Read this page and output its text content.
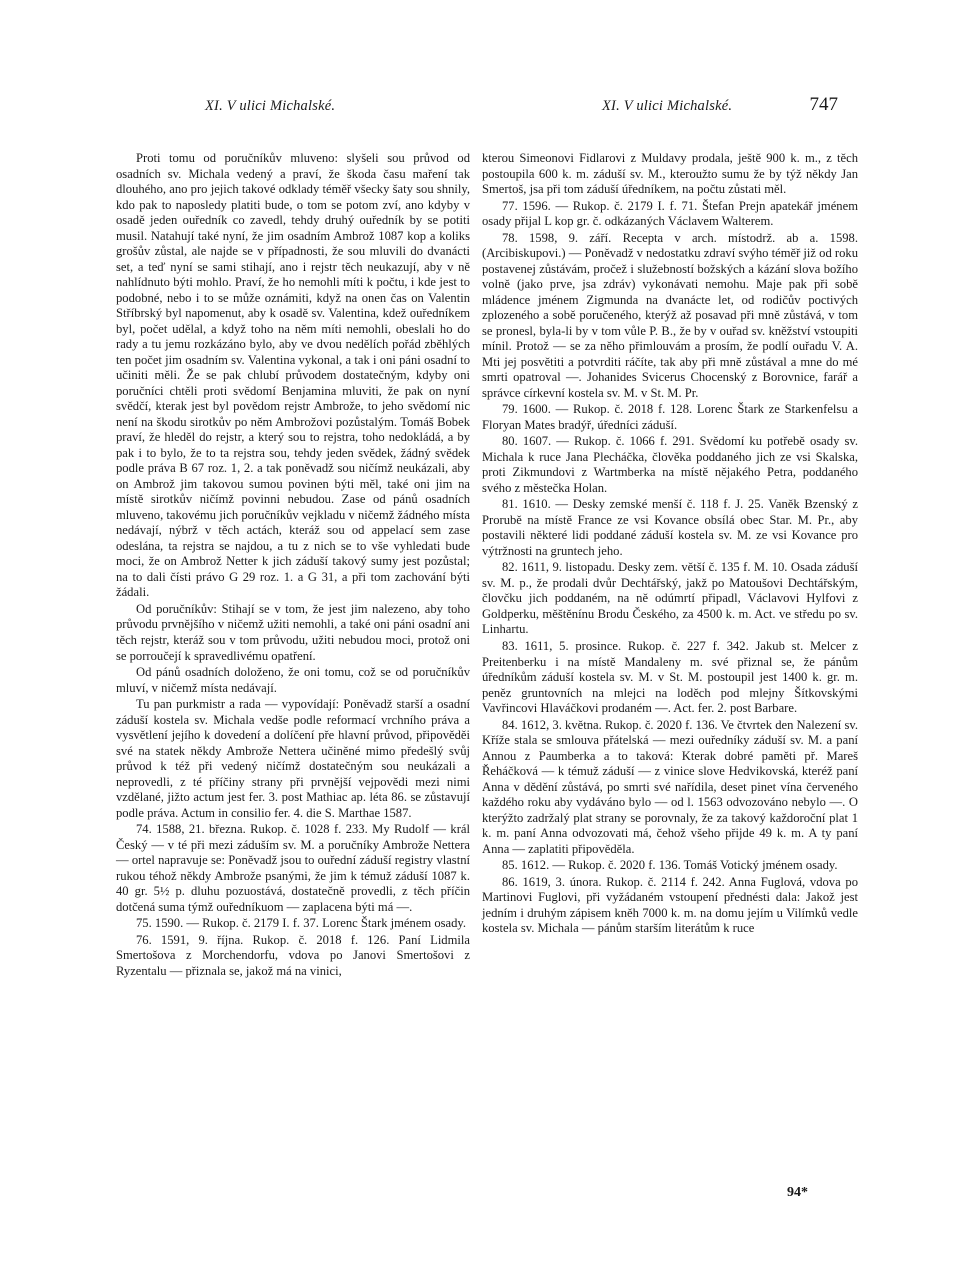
XI. V ulici Michalské.	XI. V ulici Michalské.	747

Proti tomu od poručníkův mluveno: slyšeli sou průvod od osadních sv. Michala vedený a praví, že škoda času maření tak dlouhého, ano pro jejich takové odklady téměř všecky šaty sou shnily, kdo pak to naposledy platiti bude, o tom se potom zví, ano kdyby v osadě jeden ouředník co zavedl, tehdy druhý ouředník by se potiti musil. Natahují také nyní, že jim osadním Ambrož 1087 kop a koliks grošův zůstal, ale najde se v případnosti, že sou mluvili do dvanácti set, a teď nyní se sami stihají, ano i rejstr těch neukazují, aby v ně nahlídnuto býti mohlo. Praví, že ho nemohli míti k počtu, i kde jest to podobné, nebo i to se může oznámiti, když na onen čas on Valentin Stříbrský byl napomenut, aby k osadě sv. Valentina, kdež ouředníkem byl, počet udělal, a když toho na něm míti nemohli, obeslali ho do rady a tu jemu rozkázáno bylo, aby ve dvou nedělích pořád zběhlých ten počet jim osadním sv. Valentina vykonal, a tak i oni páni osadní to učiniti měli. Že se pak chlubí průvodem dostatečným, kdyby oni poručníci chtěli proti svědomí Benjamina mluviti, že pak on nyní svědčí, kterak jest byl povědom rejstr Ambrože, to jeho svědomí nic není na škodu sirotkův po něm Ambrožovi pozůstalým. Tomáš Bobek praví, že hleděl do rejstr, a který sou to rejstra, toho nedokládá, a by pak i to bylo, že to ta rejstra sou, tehdy jeden svědek, žádný svědek podle práva B 67 roz. 1, 2. a tak poněvadž sou ničímž neukázali, aby on Ambrož jim takovou sumou povinen býti měl, také oni jim na místě sirotkův ničímž povinni nebudou. Zase od pánů osadních mluveno, takovému jich poručníkův vejkladu v ničemž žádného místa nedávají, nýbrž v těch actách, kteráž sou od appelací sem zase odeslána, ta rejstra se najdou, a tu z nich se to vše vyhledati bude moci, že on Ambrož Netter k jich záduší takový sumy jest pozůstal; na to dali čísti právo G 29 roz. 1. a G 31, a při tom zachování býti žádali.

Od poručníkův: Stihají se v tom, že jest jim nalezeno, aby toho průvodu prvnějšího v ničemž užiti nemohli, a také oni páni osadní ani těch rejstr, kteráž sou v tom průvodu, užiti nebudou moci, protož oni se porroučejí k spravedlivému opatření.

Od pánů osadních doloženo, že oni tomu, což se od poručníkův mluví, v ničemž místa nedávají.

Tu pan purkmistr a rada — vypovídají: Poněvadž starší a osadní záduší kostela sv. Michala vedše podle reformací vrchního práva a vysvětlení jejího k dovedení a dolíčení pře hlavní průvod, připověděi své na statek někdy Ambrože Nettera učiněné mimo předešlý svůj průvod k též při vedený ničímž dostatečným sou neukázali a neprovedli, z té příčiny strany při prvnější vejpovědi mezi nimi vzdělané, jižto actum jest fer. 3. post Mathiac ap. léta 86. se zůstavují podle práva. Actum in consilio fer. 4. die S. Marthae 1587.

74. 1588, 21. března. Rukop. č. 1028 f. 233. My Rudolf — král Český — v té při mezi záduším sv. M. a poručníky Ambrože Nettera — ortel napravuje se: Poněvadž jsou to ouřední záduší registry vlastní rukou téhož někdy Ambrože psanými, že jim k témuž záduší 1087 k. 40 gr. 5½ p. dluhu pozuostává, dostatečně provedli, z těch příčin dotčená suma týmž ouředníkuom — zaplacena býti má —.

75. 1590. — Rukop. č. 2179 I. f. 37. Lorenc Štark jménem osady.

76. 1591, 9. října. Rukop. č. 2018 f. 126. Paní Lidmila Smertošova z Morchendorfu, vdova po Janovi Smertošovi z Ryzentalu — přiznala se, jakož má na vinici,

kterou Simeonovi Fidlarovi z Muldavy prodala, ještě 900 k. m., z těch postoupila 600 k. m. záduší sv. M., kteroužto sumu že by týž někdy Jan Smertoš, jsa při tom záduší úředníkem, na počtu zůstati měl.

77. 1596. — Rukop. č. 2179 I. f. 71. Štefan Prejn apatekář jménem osady přijal L kop gr. č. odkázaných Václavem Walterem.

78. 1598, 9. září. Recepta v arch. místodrž. ab a. 1598. (Arcibiskupovi.) — Poněvadž v nedostatku zdraví svýho téměř již od roku postavenej zůstávám, pročež i služebností božských a kázání slova božího volně (jako prve, jsa zdráv) vykonávati nemohu. Maje pak při sobě mládence jménem Zigmunda na dvanácte let, od rodičův poctivých zplozeného a sobě poručeného, kterýž až posavad při mně zůstává, v tom se pronesl, byla-li by v tom vůle P. B., že by v ouřad sv. kněžství vstoupiti mínil. Protož — se za něho přimlouvám a prosím, že podlí ouřadu V. A. Mti jej posvětiti a potvrditi ráčíte, tak aby při mně zůstával a mne do mé smrti opatroval —. Johanides Svicerus Chocenský z Borovnice, farář a správce církevní kostela sv. M. v St. M. Pr.

79. 1600. — Rukop. č. 2018 f. 128. Lorenc Štark ze Starkenfelsu a Floryan Mates bradýř, úředníci záduší.

80. 1607. — Rukop. č. 1066 f. 291. Svědomí ku potřebě osady sv. Michala k ruce Jana Plecháčka, člověka poddaného jich ze vsi Skalska, proti Zikmundovi z Wartmberka na místě nějakého Petra, poddaného svého z městečka Holan.

81. 1610. — Desky zemské menší č. 118 f. J. 25. Vaněk Bzenský z Prorubě na místě France ze vsi Kovance obsílá obec Star. M. Pr., aby postavili některé lidi poddané záduší kostela sv. M. ze vsi Kovance pro výtržnosti na gruntech jeho.

82. 1611, 9. listopadu. Desky zem. větší č. 135 f. M. 10. Osada záduší sv. M. p., že prodali dvůr Dechtářský, jakž po Matoušovi Dechtářským, človčku jich poddaném, na ně odúmrtí připadl, Václavovi Hylfovi z Goldperku, měštěnínu Brodu Českého, za 4500 k. m. Act. ve středu po sv. Linhartu.

83. 1611, 5. prosince. Rukop. č. 227 f. 342. Jakub st. Melcer z Preitenberku i na místě Mandaleny m. své přiznal se, že pánům úředníkům záduší kostela sv. M. v St. M. postoupil jest 1400 k. gr. m. peněz gruntovních na mlejci na loděch pod mlejny Šítkovskými Vavřincovi Hlaváčkovi prodaném —. Act. fer. 2. post Barbare.

84. 1612, 3. května. Rukop. č. 2020 f. 136. Ve čtvrtek den Nalezení sv. Kříže stala se smlouva přátelská — mezi ouředníky záduší sv. M. a paní Annou z Paumberka a to taková: Kterak dobré paměti př. Mareš Řeháčková — k témuž záduší — z vinice slove Hedvikovská, kteréž paní Anna v dědění zůstává, po smrti své nařídila, deset pinet vína červeného každého roku aby vydáváno bylo — od l. 1563 odvozováno nebylo —. O kterýžto zadržalý plat strany se porovnaly, že za takový každoroční plat 1 k. m. paní Anna odvozovati má, čehož všeho přijde 49 k. m. A ty paní Anna — zaplatiti připověděla.

85. 1612. — Rukop. č. 2020 f. 136. Tomáš Votický jménem osady.

86. 1619, 3. února. Rukop. č. 2114 f. 242. Anna Fuglová, vdova po Martinovi Fuglovi, při vyžádaném vstoupení přednésti dala: Jakož jest jedním i druhým zápisem kněh 7000 k. m. na domu jejím u Vilímků vedle kostela sv. Michala — pánům starším literátům k ruce

94*
